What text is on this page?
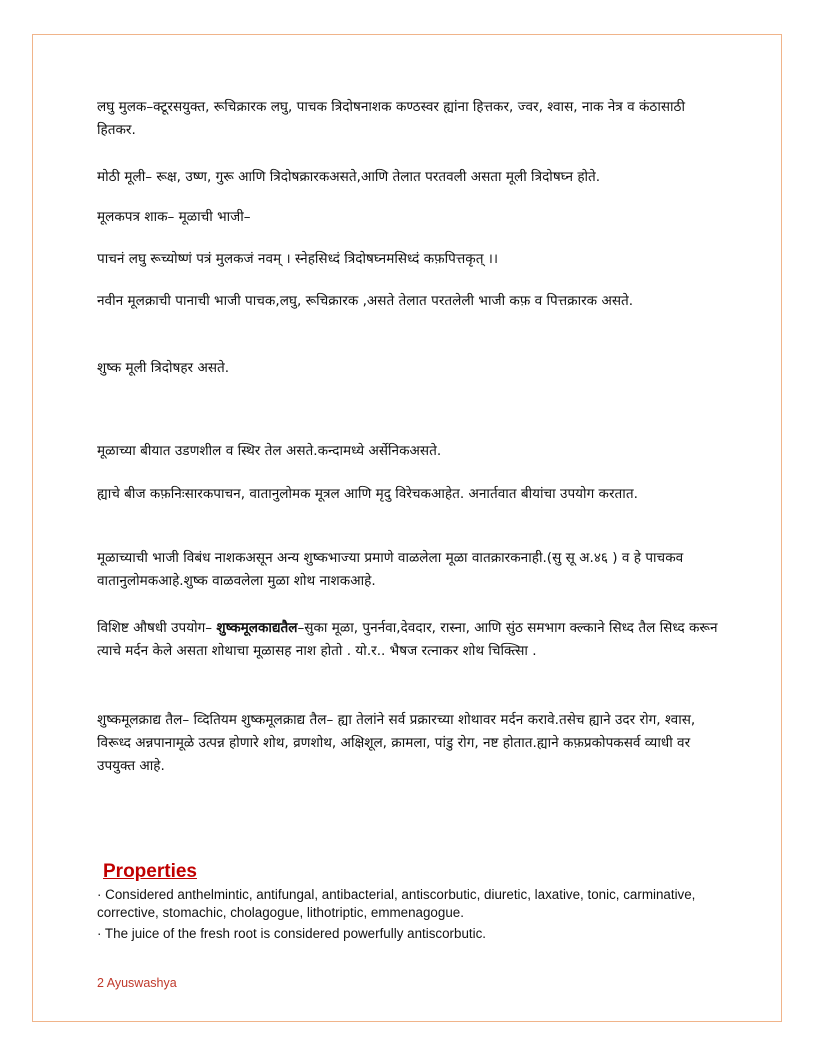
लघु मुलक–क्टूरसयुक्त, रूचिक्रारक लघु, पाचक त्रिदोषनाशक कण्ठस्वर ह्यांना हित्तकर, ज्वर, श्वास, नाक नेत्र व कंठासाठी हितकर.

मोठी मूली– रूक्ष, उष्ण, गुरू आणि त्रिदोषक्रारकअसते,आणि तेलात परतवली असता मूली त्रिदोषघ्न होते.

मूलकपत्र शाक– मूळाची भाजी–

पाचनं लघु रूच्योष्णं पत्रं मुलकजं नवम् । स्नेहसिध्दं त्रिदोषघ्नमसिध्दं कफ़पित्तकृत् ।।

नवीन मूलक्राची पानाची भाजी पाचक,लघु, रूचिक्रारक ,असते तेलात परतलेली भाजी कफ़ व पित्तक्रारक असते.

शुष्क मूली त्रिदोषहर असते.

मूळाच्या बीयात उडणशील व स्थिर तेल असते.कन्दामध्ये अर्सेनिकअसते.

ह्याचे बीज कफ़निःसारकपाचन, वातानुलोमक मूत्रल आणि मृदु विरेचकआहेत. अनार्तवात बीयांचा उपयोग करतात.

मूळाच्याची भाजी विबंध नाशकअसून अन्य शुष्कभाज्या प्रमाणे वाळलेला मूळा वातक्रारकनाही.(सु सू अ.४६ ) व हे पाचकव वातानुलोमकआहे.शुष्क वाळवलेला मुळा शोथ नाशकआहे.

विशिष्ट औषधी उपयोग– शुष्कमूलकाद्यतैल–सुका मूळा, पुनर्नवा,देवदार, रास्ना, आणि सुंठ समभाग क्ल्काने सिध्द तैल सिध्द करून त्याचे मर्दन केले असता शोथाचा मूळासह नाश होतो . यो.र.. भैषज रत्नाकर शोथ चिक्त्सिा .

शुष्कमूलक्राद्य तैल– व्दितियम शुष्कमूलक्राद्य तैल– ह्या तेलांने सर्व प्रक्रारच्या शोथावर मर्दन करावे.तसेच ह्याने उदर रोग, श्वास, विरूध्द अन्नपानामूळे उत्पन्न होणारे शोथ, व्रणशोथ, अक्षिशूल, क्रामला, पांडु रोग, नष्ट होतात.ह्याने कफ़प्रकोपकसर्व व्याधी वर उपयुक्त आहे.

Properties

· Considered anthelmintic, antifungal, antibacterial, antiscorbutic, diuretic, laxative, tonic, carminative, corrective, stomachic, cholagogue, lithotriptic, emmenagogue.

· The juice of the fresh root is considered powerfully antiscorbutic.

2 Ayuswashya
